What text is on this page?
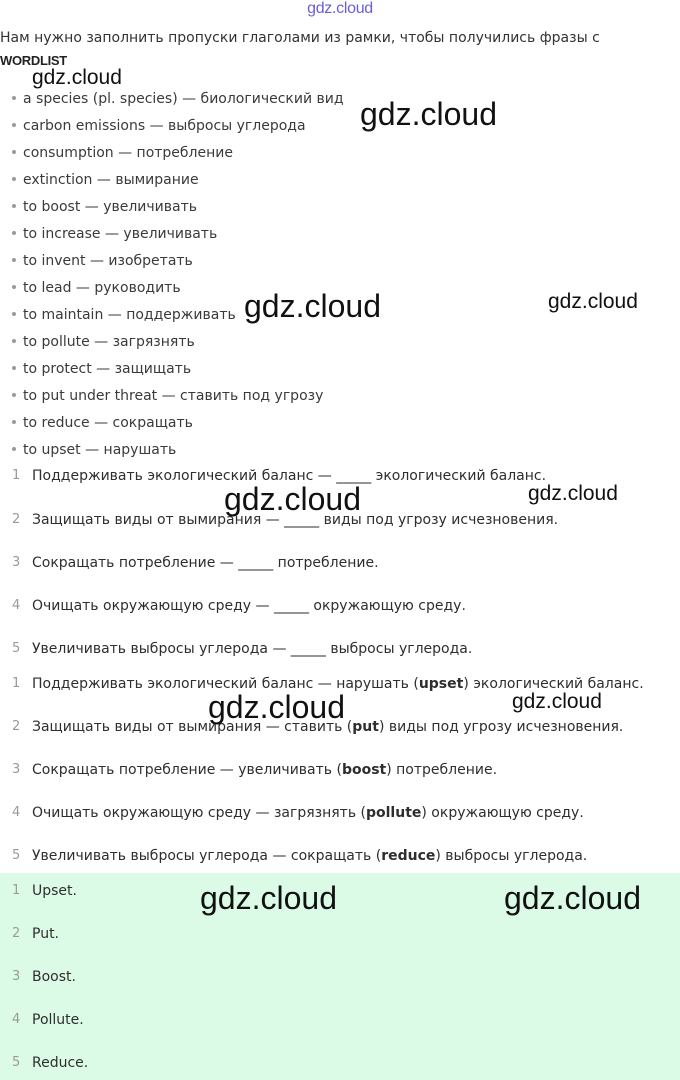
gdz.cloud
Нам нужно заполнить пропуски глаголами из рамки, чтобы получились фразы с
WORDLIST
a species (pl. species) — биологический вид
carbon emissions — выбросы углерода
consumption — потребление
extinction — вымирание
to boost — увеличивать
to increase — увеличивать
to invent — изобретать
to lead — руководить
to maintain — поддерживать
to pollute — загрязнять
to protect — защищать
to put under threat — ставить под угрозу
to reduce — сокращать
to upset — нарушать
1 Поддерживать экологический баланс — _____ экологический баланс.
2 Защищать виды от вымирания — _____ виды под угрозу исчезновения.
3 Сокращать потребление — _____ потребление.
4 Очищать окружающую среду — _____ окружающую среду.
5 Увеличивать выбросы углерода — _____ выбросы углерода.
1 Поддерживать экологический баланс — нарушать (upset) экологический баланс.
2 Защищать виды от вымирания — ставить (put) виды под угрозу исчезновения.
3 Сокращать потребление — увеличивать (boost) потребление.
4 Очищать окружающую среду — загрязнять (pollute) окружающую среду.
5 Увеличивать выбросы углерода — сокращать (reduce) выбросы углерода.
1 Upset.
2 Put.
3 Boost.
4 Pollute.
5 Reduce.
gdz.cloud
gdz.cloud
gdz.cloud	gdz.cloud
gdz.cloud	gdz.cloud
gdz.cloud	gdz.cloud
gdz.cloud	gdz.cloud
